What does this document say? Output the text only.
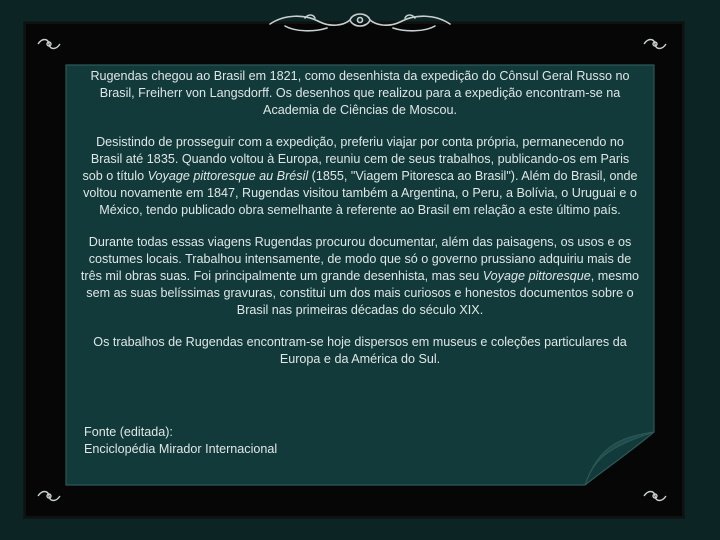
Rugendas chegou ao Brasil em 1821, como desenhista da expedição do Cônsul Geral Russo no Brasil, Freiherr von Langsdorff. Os desenhos que realizou para a expedição encontram-se na Academia de Ciências de Moscou.

Desistindo de prosseguir com a expedição, preferiu viajar por conta própria, permanecendo no Brasil até 1835. Quando voltou à Europa, reuniu cem de seus trabalhos, publicando-os em Paris sob o título Voyage pittoresque au Brésil (1855, "Viagem Pitoresca ao Brasil"). Além do Brasil, onde voltou novamente em 1847, Rugendas visitou também a Argentina, o Peru, a Bolívia, o Uruguai e o México, tendo publicado obra semelhante à referente ao Brasil em relação a este último país.

Durante todas essas viagens Rugendas procurou documentar, além das paisagens, os usos e os costumes locais. Trabalhou intensamente, de modo que só o governo prussiano adquiriu mais de três mil obras suas. Foi principalmente um grande desenhista, mas seu Voyage pittoresque, mesmo sem as suas belíssimas gravuras, constitui um dos mais curiosos e honestos documentos sobre o Brasil nas primeiras décadas do século XIX.

Os trabalhos de Rugendas encontram-se hoje dispersos em museus e coleções particulares da Europa e da América do Sul.

Fonte (editada):
Enciclopédia Mirador Internacional
